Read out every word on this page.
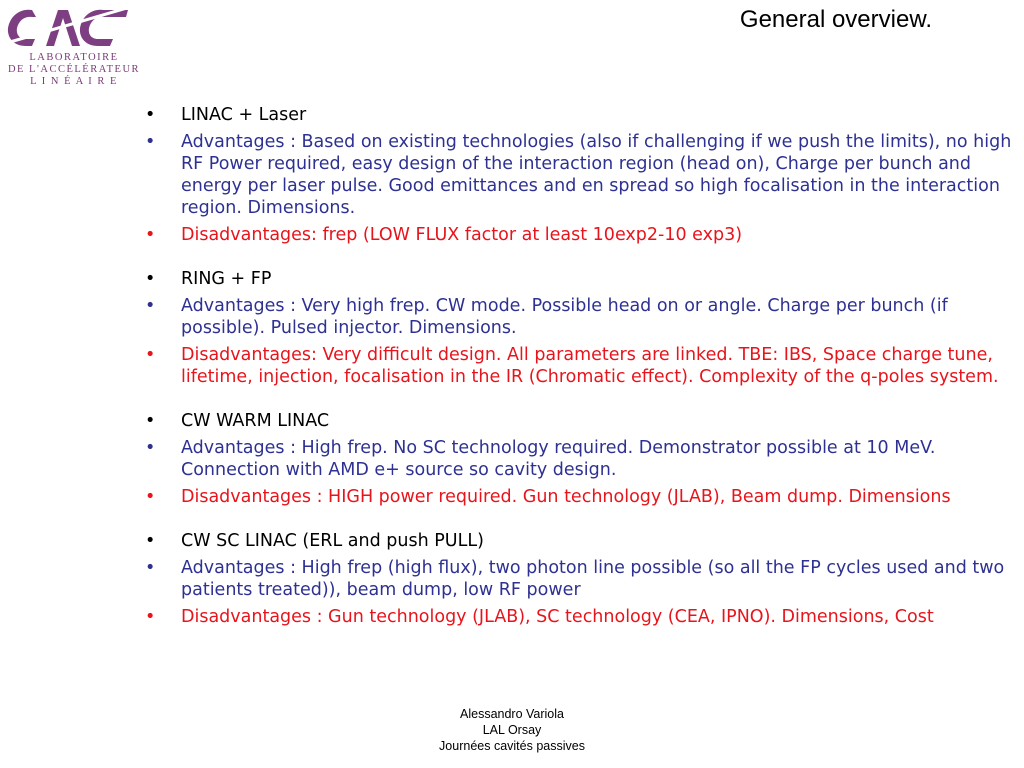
LABORATOIRE
DE L'ACCÉLÉRATEUR
L I N É A I R E
General overview.
• LINAC + Laser
• Advantages : Based on existing technologies (also if challenging if we push the limits), no high RF Power required, easy design of the interaction region (head on), Charge per bunch and energy per laser pulse. Good emittances and en spread so high focalisation in the interaction region. Dimensions.
• Disadvantages: frep (LOW FLUX factor at least 10exp2-10 exp3)
• RING + FP
• Advantages : Very high frep. CW mode. Possible head on or angle. Charge per bunch (if possible). Pulsed injector. Dimensions.
• Disadvantages: Very difficult design. All parameters are linked. TBE: IBS, Space charge tune, lifetime, injection, focalisation in the IR (Chromatic effect). Complexity of the q-poles system.
• CW WARM LINAC
• Advantages : High frep. No SC technology required. Demonstrator possible at 10 MeV. Connection with AMD e+ source so cavity design.
• Disadvantages : HIGH power required. Gun technology (JLAB), Beam dump. Dimensions
• CW SC LINAC (ERL and push PULL)
• Advantages : High frep (high flux), two photon line possible (so all the FP cycles used and two patients treated)), beam dump, low RF power
• Disadvantages : Gun technology (JLAB), SC technology (CEA, IPNO). Dimensions, Cost
Alessandro Variola
LAL Orsay
Journées cavités passives
